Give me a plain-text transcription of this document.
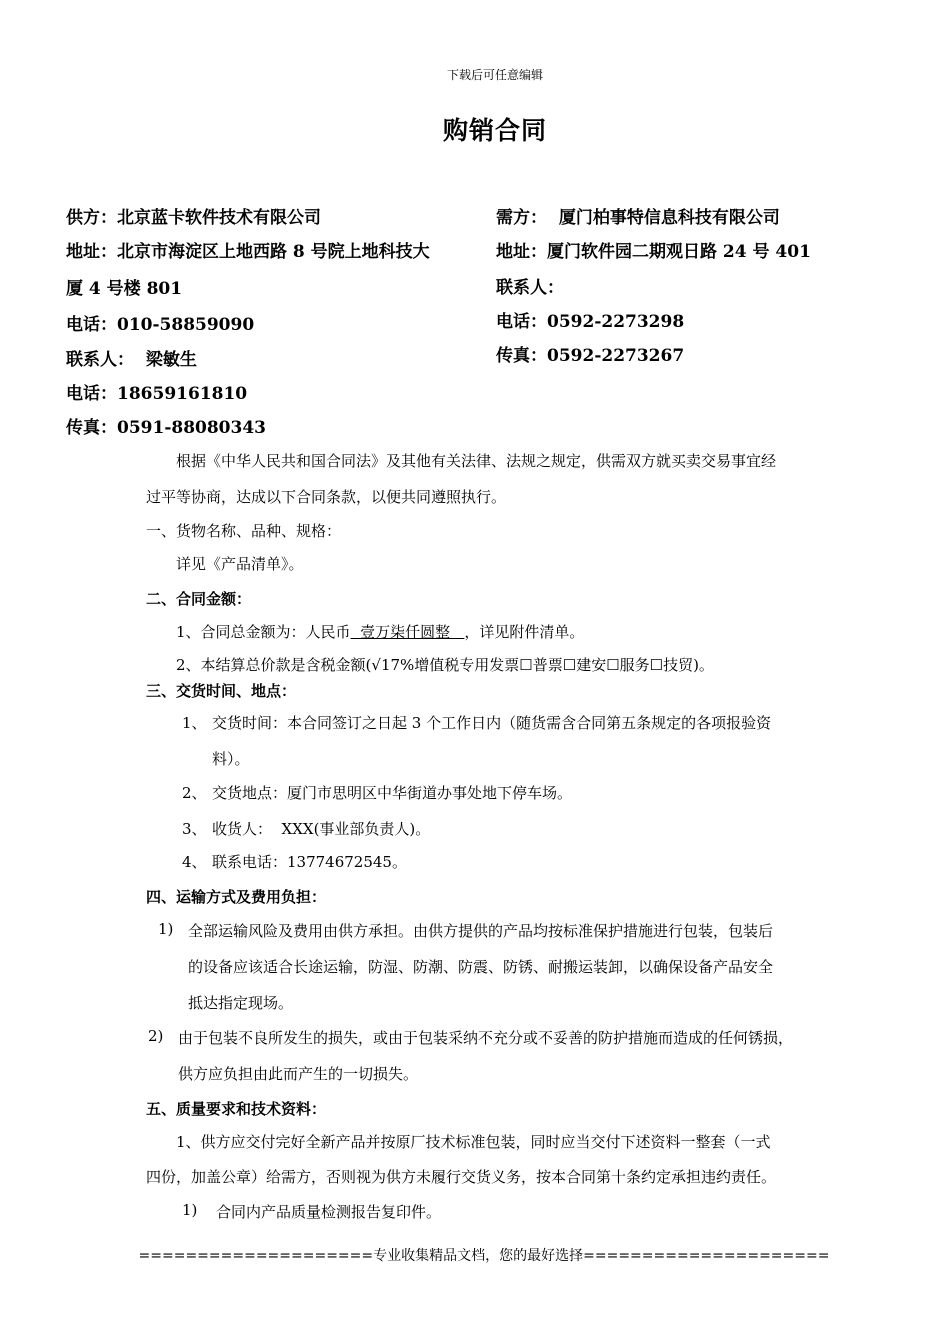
下载后可任意编辑
购销合同
供方：北京蓝卡软件技术有限公司
地址：北京市海淀区上地西路 8 号院上地科技大
厦 4 号楼 801
电话：010-58859090
联系人：  梁敏生
电话：18659161810
传真：0591-88080343
需方：  厦门柏事特信息科技有限公司
地址：厦门软件园二期观日路 24 号 401
联系人：
电话：0592-2273298
传真：0592-2273267
根据《中华人民共和国合同法》及其他有关法律、法规之规定，供需双方就买卖交易事宜经
过平等协商，达成以下合同条款，以便共同遵照执行。
一、货物名称、品种、规格：
详见《产品清单》。
二、合同金额：
1、合同总金额为：人民币  壹万柒仟圆整   ，详见附件清单。
2、本结算总价款是含税金额(√17%增值税专用发票☐普票☐建安☐服务☐技贸)。
三、交货时间、地点：
1、 交货时间：本合同签订之日起 3 个工作日内（随货需含合同第五条规定的各项报验资
料）。
2、 交货地点：厦门市思明区中华街道办事处地下停车场。
3、 收货人：  XXX(事业部负责人)。
4、 联系电话：13774672545。
四、运输方式及费用负担：
1) 全部运输风险及费用由供方承担。由供方提供的产品均按标准保护措施进行包装，包装后
的设备应该适合长途运输，防湿、防潮、防震、防锈、耐搬运装卸，以确保设备产品安全
抵达指定现场。
2) 由于包装不良所发生的损失，或由于包装采纳不充分或不妥善的防护措施而造成的任何锈损，
供方应负担由此而产生的一切损失。
五、质量要求和技术资料：
1、供方应交付完好全新产品并按原厂技术标准包装，同时应当交付下述资料一整套（一式
四份，加盖公章）给需方，否则视为供方未履行交货义务，按本合同第十条约定承担违约责任。
1) 合同内产品质量检测报告复印件。
====================专业收集精品文档，您的最好选择=====================
